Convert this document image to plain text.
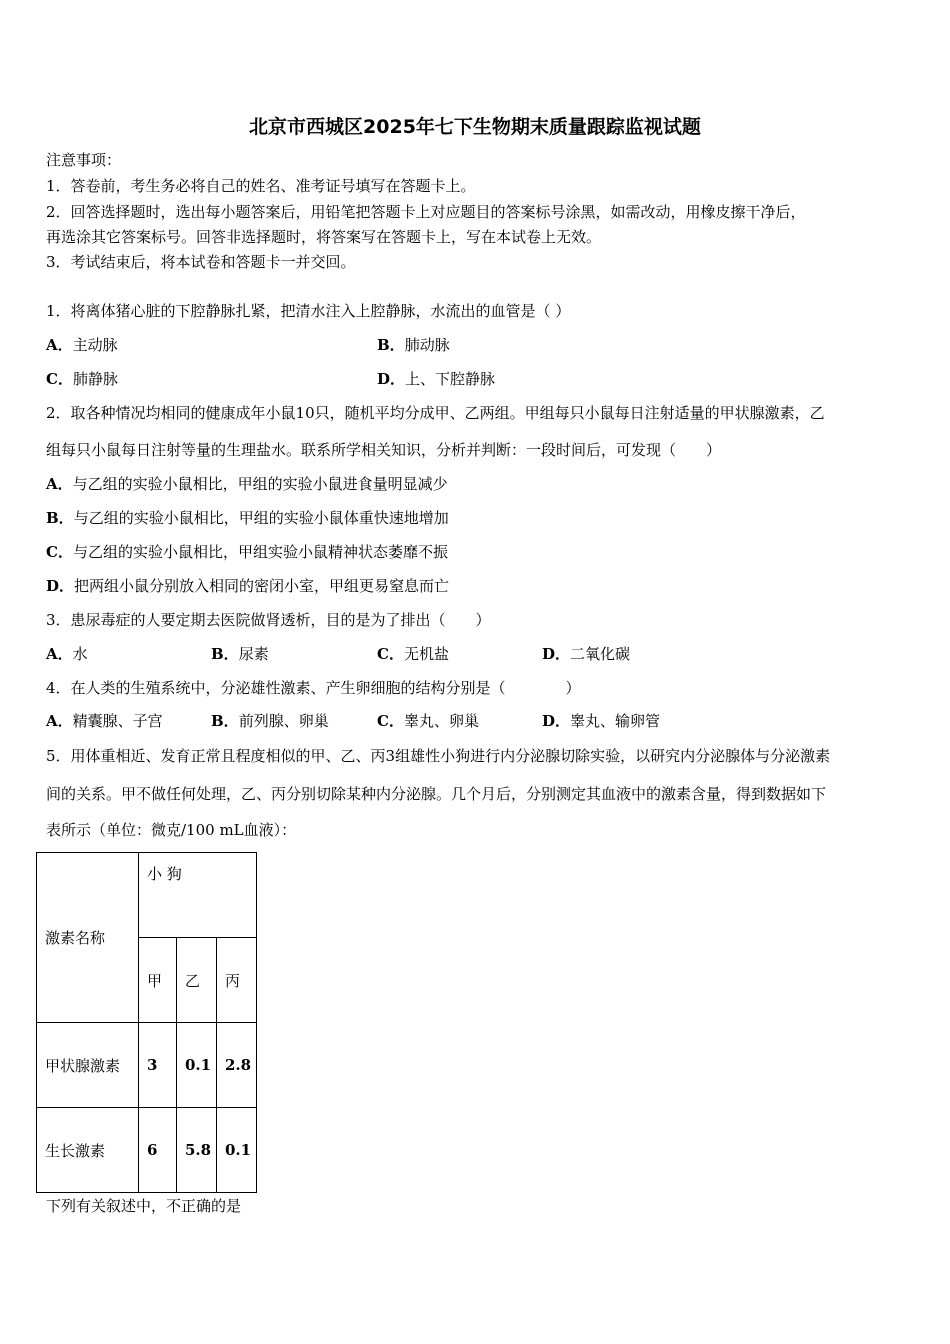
北京市西城区2025年七下生物期末质量跟踪监视试题
注意事项：
1．答卷前，考生务必将自己的姓名、准考证号填写在答题卡上。
2．回答选择题时，选出每小题答案后，用铅笔把答题卡上对应题目的答案标号涂黑，如需改动，用橡皮擦干净后，
再选涂其它答案标号。回答非选择题时，将答案写在答题卡上，写在本试卷上无效。
3．考试结束后，将本试卷和答题卡一并交回。
1．将离体猪心脏的下腔静脉扎紧，把清水注入上腔静脉，水流出的血管是（ ）
A．主动脉	B．肺动脉
C．肺静脉	D．上、下腔静脉
2．取各种情况均相同的健康成年小鼠10只，随机平均分成甲、乙两组。甲组每只小鼠每日注射适量的甲状腺激素，乙
组每只小鼠每日注射等量的生理盐水。联系所学相关知识，分析并判断：一段时间后，可发现（　　）
A．与乙组的实验小鼠相比，甲组的实验小鼠进食量明显减少
B．与乙组的实验小鼠相比，甲组的实验小鼠体重快速地增加
C．与乙组的实验小鼠相比，甲组实验小鼠精神状态萎靡不振
D．把两组小鼠分别放入相同的密闭小室，甲组更易窒息而亡
3．患尿毒症的人要定期去医院做肾透析，目的是为了排出（　　）
A．水	B．尿素	C．无机盐	D．二氧化碳
4．在人类的生殖系统中，分泌雄性激素、产生卵细胞的结构分别是（　　　　）
A．精囊腺、子宫	B．前列腺、卵巢	C．睾丸、卵巢	D．睾丸、输卵管
5．用体重相近、发育正常且程度相似的甲、乙、丙3组雄性小狗进行内分泌腺切除实验，以研究内分泌腺体与分泌激素
间的关系。甲不做任何处理，乙、丙分别切除某种内分泌腺。几个月后，分别测定其血液中的激素含量，得到数据如下
表所示（单位：微克/100 mL血液）：
激素名称	小 狗		
	甲	乙	丙
甲状腺激素	3	0.1	2.8
生长激素	6	5.8	0.1
下列有关叙述中，不正确的是
